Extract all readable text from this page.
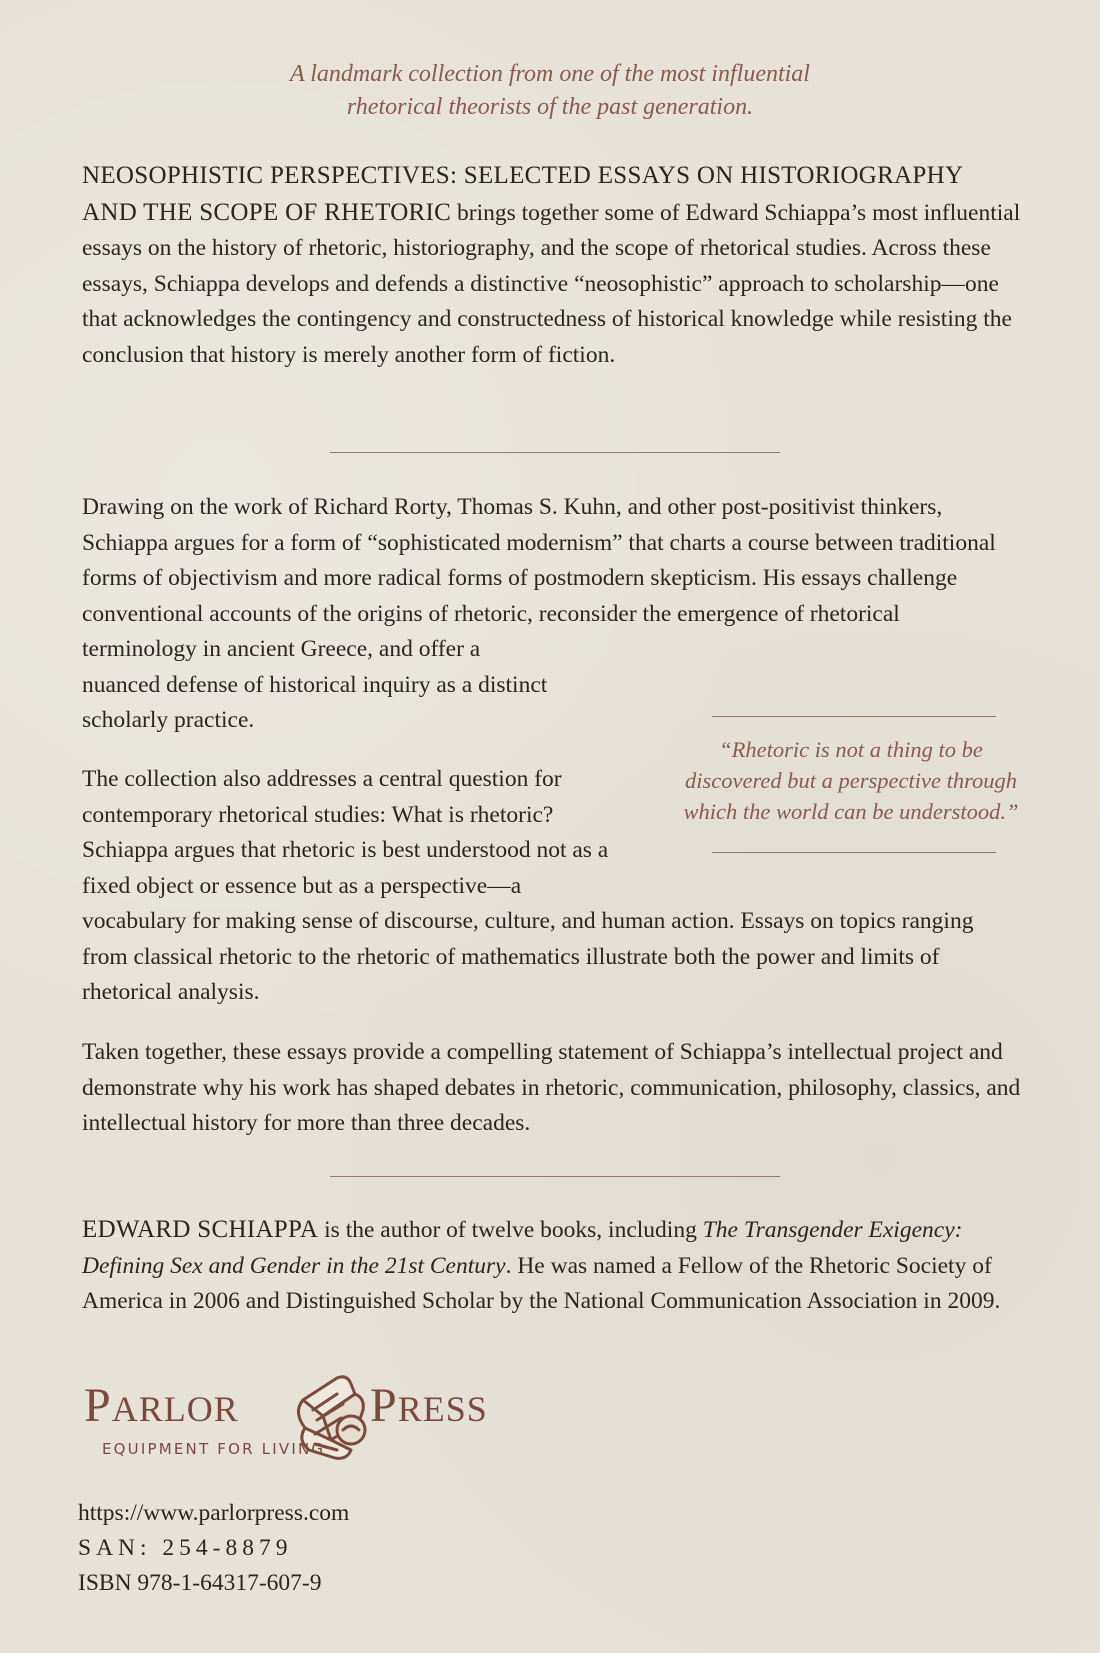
A landmark collection from one of the most influential
rhetorical theorists of the past generation.

NEOSOPHISTIC PERSPECTIVES: SELECTED ESSAYS ON HISTORIOGRAPHY AND THE SCOPE OF RHETORIC brings together some of Edward Schiappa’s most influential essays on the history of rhetoric, historiography, and the scope of rhetorical studies. Across these essays, Schiappa develops and defends a distinctive “neosophistic” approach to scholarship—one that acknowledges the contingency and constructedness of historical knowledge while resisting the conclusion that history is merely another form of fiction.

Drawing on the work of Richard Rorty, Thomas S. Kuhn, and other post-positivist thinkers, Schiappa argues for a form of “sophisticated modernism” that charts a course between traditional forms of objectivism and more radical forms of postmodern skepticism. His essays challenge conventional accounts of the origins of rhetoric, reconsider the emergence of rhetorical terminology in ancient Greece, and offer a
nuanced defense of historical inquiry as a distinct scholarly practice.

“Rhetoric is not a thing to be discovered but a perspective through which the world can be understood.”

The collection also addresses a central question for contemporary rhetorical studies: What is rhetoric? Schiappa argues that rhetoric is best understood not as a fixed object or essence but as a perspective—a
vocabulary for making sense of discourse, culture, and human action. Essays on topics ranging from classical rhetoric to the rhetoric of mathematics illustrate both the power and limits of rhetorical analysis.

Taken together, these essays provide a compelling statement of Schiappa’s intellectual project and demonstrate why his work has shaped debates in rhetoric, communication, philosophy, classics, and intellectual history for more than three decades.

EDWARD SCHIAPPA is the author of twelve books, including The Transgender Exigency: Defining Sex and Gender in the 21st Century. He was named a Fellow of the Rhetoric Society of America in 2006 and Distinguished Scholar by the National Communication Association in 2009.

PARLOR	PRESS
EQUIPMENT FOR LIVING
https://www.parlorpress.com
SAN: 254-8879
ISBN 978-1-64317-607-9
